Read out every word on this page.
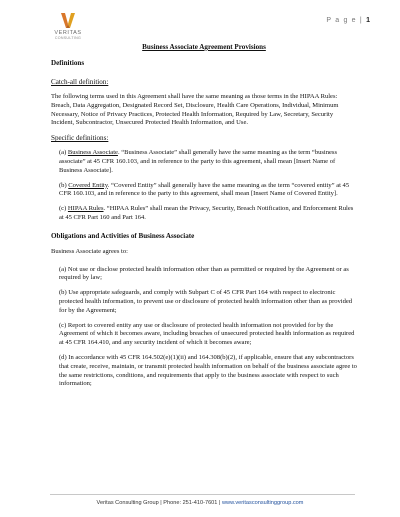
VERITAS
CONSULTING
P a g e | 1

Business Associate Agreement Provisions

Definitions

Catch-all definition:

The following terms used in this Agreement shall have the same meaning as those terms in the HIPAA Rules: Breach, Data Aggregation, Designated Record Set, Disclosure, Health Care Operations, Individual, Minimum Necessary, Notice of Privacy Practices, Protected Health Information, Required by Law, Secretary, Security Incident, Subcontractor, Unsecured Protected Health Information, and Use.

Specific definitions:

(a) Business Associate. “Business Associate” shall generally have the same meaning as the term “business associate” at 45 CFR 160.103, and in reference to the party to this agreement, shall mean [Insert Name of Business Associate].

(b) Covered Entity. “Covered Entity” shall generally have the same meaning as the term “covered entity” at 45 CFR 160.103, and in reference to the party to this agreement, shall mean [Insert Name of Covered Entity].

(c) HIPAA Rules. “HIPAA Rules” shall mean the Privacy, Security, Breach Notification, and Enforcement Rules at 45 CFR Part 160 and Part 164.

Obligations and Activities of Business Associate

Business Associate agrees to:

(a) Not use or disclose protected health information other than as permitted or required by the Agreement or as required by law;

(b) Use appropriate safeguards, and comply with Subpart C of 45 CFR Part 164 with respect to electronic protected health information, to prevent use or disclosure of protected health information other than as provided for by the Agreement;

(c) Report to covered entity any use or disclosure of protected health information not provided for by the Agreement of which it becomes aware, including breaches of unsecured protected health information as required at 45 CFR 164.410, and any security incident of which it becomes aware;

(d) In accordance with 45 CFR 164.502(e)(1)(ii) and 164.308(b)(2), if applicable, ensure that any subcontractors that create, receive, maintain, or transmit protected health information on behalf of the business associate agree to the same restrictions, conditions, and requirements that apply to the business associate with respect to such information;

Veritas Consulting Group | Phone: 251-410-7601 | www.veritasconsultinggroup.com
